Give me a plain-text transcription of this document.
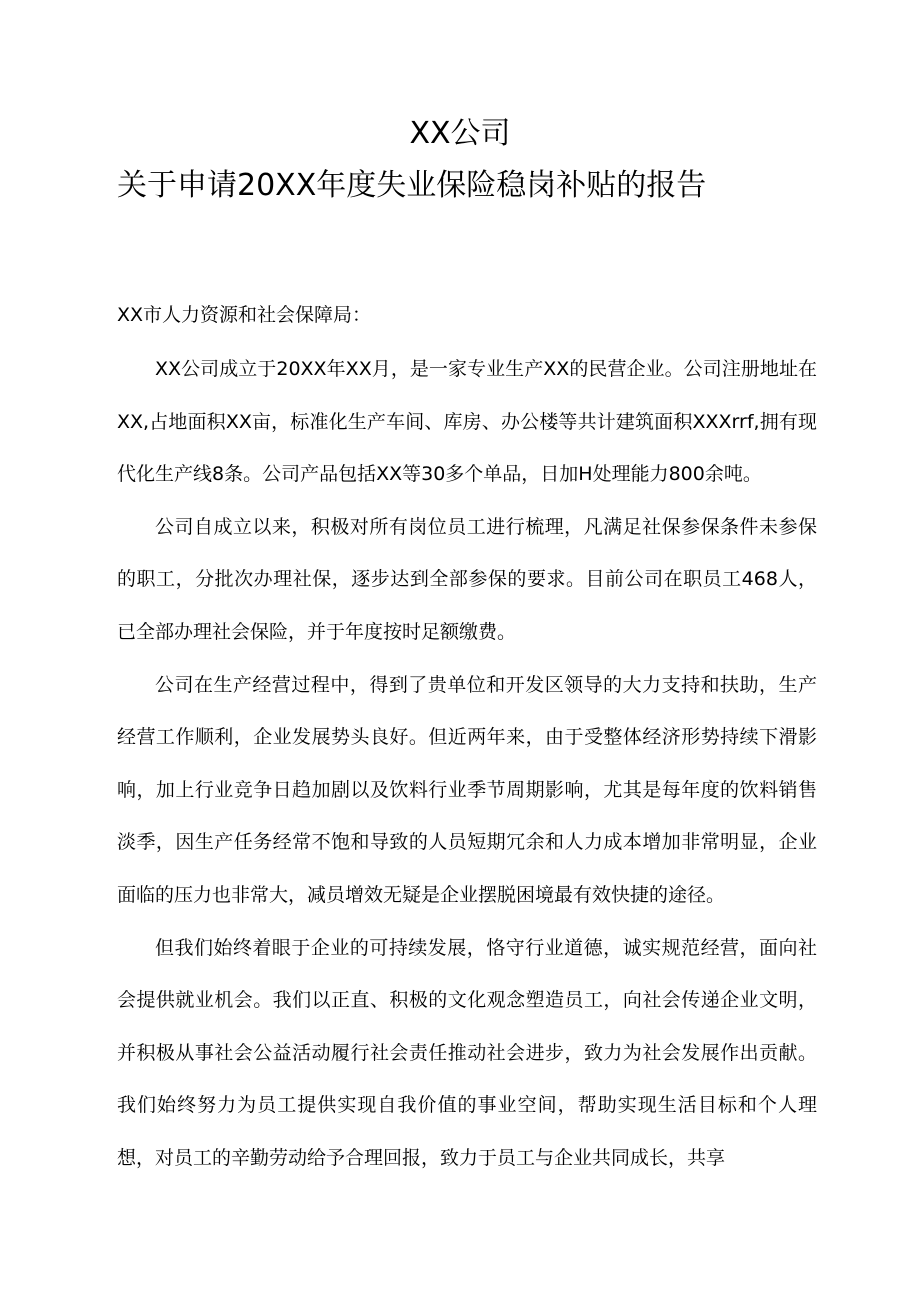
XX公司
关于申请20XX年度失业保险稳岗补贴的报告

XX市人力资源和社会保障局：

XX公司成立于20XX年XX月，是一家专业生产XX的民营企业。公司注册地址在XX,占地面积XX亩，标准化生产车间、库房、办公楼等共计建筑面积XXXrrf,拥有现代化生产线8条。公司产品包括XX等30多个单品，日加H处理能力800余吨。

公司自成立以来，积极对所有岗位员工进行梳理，凡满足社保参保条件未参保的职工，分批次办理社保，逐步达到全部参保的要求。目前公司在职员工468人，已全部办理社会保险，并于年度按时足额缴费。

公司在生产经营过程中，得到了贵单位和开发区领导的大力支持和扶助，生产经营工作顺利，企业发展势头良好。但近两年来，由于受整体经济形势持续下滑影响，加上行业竞争日趋加剧以及饮料行业季节周期影响，尤其是每年度的饮料销售淡季，因生产任务经常不饱和导致的人员短期冗余和人力成本增加非常明显，企业面临的压力也非常大，减员增效无疑是企业摆脱困境最有效快捷的途径。

但我们始终着眼于企业的可持续发展，恪守行业道德，诚实规范经营，面向社会提供就业机会。我们以正直、积极的文化观念塑造员工，向社会传递企业文明，并积极从事社会公益活动履行社会责任推动社会进步，致力为社会发展作出贡献。我们始终努力为员工提供实现自我价值的事业空间，帮助实现生活目标和个人理想，对员工的辛勤劳动给予合理回报，致力于员工与企业共同成长，共享
